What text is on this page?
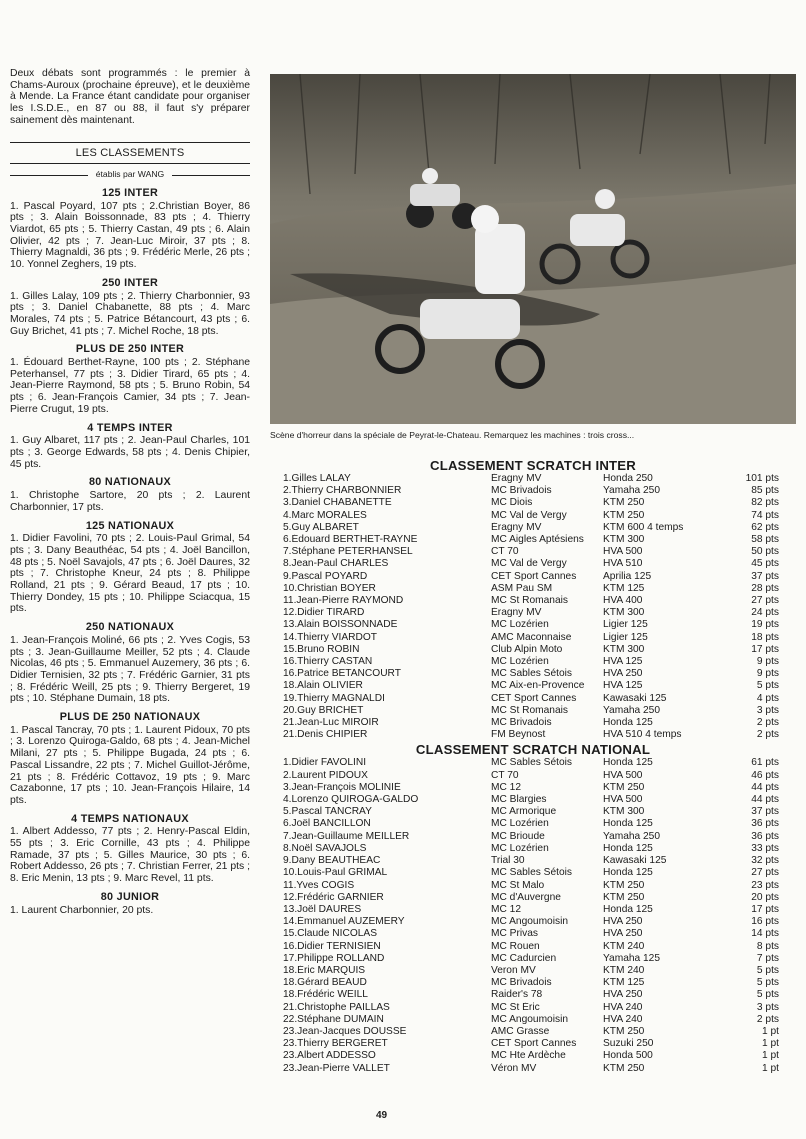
Deux débats sont programmés : le premier à Chams-Auroux (prochaine épreuve), et le deuxième à Mende. La France étant candidate pour organiser les I.S.D.E., en 87 ou 88, il faut s'y préparer sainement dès maintenant.

LES CLASSEMENTS
établis par WANG
125 INTER

1. Pascal Poyard, 107 pts ; 2.Christian Boyer, 86 pts ; 3. Alain Boissonnade, 83 pts ; 4. Thierry Viardot, 65 pts ; 5. Thierry Castan, 49 pts ; 6. Alain Olivier, 42 pts ; 7. Jean-Luc Miroir, 37 pts ; 8. Thierry Magnaldi, 36 pts ; 9. Frédéric Merle, 26 pts ; 10. Yonnel Zeghers, 19 pts.

250 INTER

1. Gilles Lalay, 109 pts ; 2. Thierry Charbonnier, 93 pts ; 3. Daniel Chabanette, 88 pts ; 4. Marc Morales, 74 pts ; 5. Patrice Bétancourt, 43 pts ; 6. Guy Brichet, 41 pts ; 7. Michel Roche, 18 pts.

PLUS DE 250 INTER

1. Édouard Berthet-Rayne, 100 pts ; 2. Stéphane Peterhansel, 77 pts ; 3. Didier Tirard, 65 pts ; 4. Jean-Pierre Raymond, 58 pts ; 5. Bruno Robin, 54 pts ; 6. Jean-François Camier, 34 pts ; 7. Jean-Pierre Crugut, 19 pts.

4 TEMPS INTER

1. Guy Albaret, 117 pts ; 2. Jean-Paul Charles, 101 pts ; 3. George Edwards, 58 pts ; 4. Denis Chipier, 45 pts.

80 NATIONAUX

1. Christophe Sartore, 20 pts ; 2. Laurent Charbonnier, 17 pts.

125 NATIONAUX

1. Didier Favolini, 70 pts ; 2. Louis-Paul Grimal, 54 pts ; 3. Dany Beauthéac, 54 pts ; 4. Joël Bancillon, 48 pts ; 5. Noël Savajols, 47 pts ; 6. Joël Daures, 32 pts ; 7. Christophe Kneur, 24 pts ; 8. Philippe Rolland, 21 pts ; 9. Gérard Beaud, 17 pts ; 10. Thierry Dondey, 15 pts ; 10. Philippe Sciacqua, 15 pts.

250 NATIONAUX

1. Jean-François Moliné, 66 pts ; 2. Yves Cogis, 53 pts ; 3. Jean-Guillaume Meiller, 52 pts ; 4. Claude Nicolas, 46 pts ; 5. Emmanuel Auzemery, 36 pts ; 6. Didier Ternisien, 32 pts ; 7. Frédéric Garnier, 31 pts ; 8. Frédéric Weill, 25 pts ; 9. Thierry Bergeret, 19 pts ; 10. Stéphane Dumain, 18 pts.

PLUS DE 250 NATIONAUX

1. Pascal Tancray, 70 pts ; 1. Laurent Pidoux, 70 pts ; 3. Lorenzo Quiroga-Galdo, 68 pts ; 4. Jean-Michel Milani, 27 pts ; 5. Philippe Bugada, 24 pts ; 6. Pascal Lissandre, 22 pts ; 7. Michel Guillot-Jérôme, 21 pts ; 8. Frédéric Cottavoz, 19 pts ; 9. Marc Cazabonne, 17 pts ; 10. Jean-François Hilaire, 14 pts.

4 TEMPS NATIONAUX

1. Albert Addesso, 77 pts ; 2. Henry-Pascal Eldin, 55 pts ; 3. Eric Cornille, 43 pts ; 4. Philippe Ramade, 37 pts ; 5. Gilles Maurice, 30 pts ; 6. Robert Addesso, 26 pts ; 7. Christian Ferrer, 21 pts ; 8. Eric Menin, 13 pts ; 9. Marc Revel, 11 pts.

80 JUNIOR

1. Laurent Charbonnier, 20 pts.

Scène d'horreur dans la spéciale de Peyrat-le-Chateau. Remarquez les machines : trois cross...
CLASSEMENT SCRATCH INTER
1.Gilles LALAY	Éragny MV	Honda 250	101 pts
2.Thierry CHARBONNIER	MC Brivadois	Yamaha 250	85 pts
3.Daniel CHABANETTE	MC Diois	KTM 250	82 pts
4.Marc MORALES	MC Val de Vergy	KTM 250	74 pts
5.Guy ALBARET	Éragny MV	KTM 600 4 temps	62 pts
6.Édouard BERTHET-RAYNE	MC Aigles Aptésiens	KTM 300	58 pts
7.Stéphane PETERHANSEL	CT 70	HVA 500	50 pts
8.Jean-Paul CHARLES	MC Val de Vergy	HVA 510	45 pts
9.Pascal POYARD	CET Sport Cannes	Aprilia 125	37 pts
10.Christian BOYER	ASM Pau SM	KTM 125	28 pts
11.Jean-Pierre RAYMOND	MC St Romanais	HVA 400	27 pts
12.Didier TIRARD	Éragny MV	KTM 300	24 pts
13.Alain BOISSONNADE	MC Lozérien	Ligier 125	19 pts
14.Thierry VIARDOT	AMC Maconnaise	Ligier 125	18 pts
15.Bruno ROBIN	Club Alpin Moto	KTM 300	17 pts
16.Thierry CASTAN	MC Lozérien	HVA 125	9 pts
16.Patrice BETANCOURT	MC Sables Sétois	HVA 250	9 pts
18.Alain OLIVIER	MC Aix-en-Provence	HVA 125	5 pts
19.Thierry MAGNALDI	CET Sport Cannes	Kawasaki 125	4 pts
20.Guy BRICHET	MC St Romanais	Yamaha 250	3 pts
21.Jean-Luc MIROIR	MC Brivadois	Honda 125	2 pts
21.Denis CHIPIER	FM Beynost	HVA 510 4 temps	2 pts
CLASSEMENT SCRATCH NATIONAL
1.Didier FAVOLINI	MC Sables Sétois	Honda 125	61 pts
2.Laurent PIDOUX	CT 70	HVA 500	46 pts
3.Jean-François MOLINIÉ	MC 12	KTM 250	44 pts
4.Lorenzo QUIROGA-GALDO	MC Blargies	HVA 500	44 pts
5.Pascal TANCRAY	MC Armorique	KTM 300	37 pts
6.Joël BANCILLON	MC Lozérien	Honda 125	36 pts
7.Jean-Guillaume MEILLER	MC Brioude	Yamaha 250	36 pts
8.Noël SAVAJOLS	MC Lozérien	Honda 125	33 pts
9.Dany BEAUTHÉAC	Trial 30	Kawasaki 125	32 pts
10.Louis-Paul GRIMAL	MC Sables Sétois	Honda 125	27 pts
11.Yves COGIS	MC St Malo	KTM 250	23 pts
12.Frédéric GARNIER	MC d'Auvergne	KTM 250	20 pts
13.Joël DAURES	MC 12	Honda 125	17 pts
14.Émmanuel AUZEMERY	MC Angoumoisin	HVA 250	16 pts
15.Claude NICOLAS	MC Privas	HVA 250	14 pts
16.Didier TERNISIEN	MC Rouen	KTM 240	8 pts
17.Philippe ROLLAND	MC Cadurcien	Yamaha 125	7 pts
18.Éric MARQUIS	Veron MV	KTM 240	5 pts
18.Gérard BEAUD	MC Brivadois	KTM 125	5 pts
18.Frédéric WEILL	Raider's 78	HVA 250	5 pts
21.Christophe PAILLAS	MC St Éric	HVA 240	3 pts
22.Stéphane DUMAIN	MC Angoumoisin	HVA 240	2 pts
23.Jean-Jacques DOUSSE	AMC Grasse	KTM 250	1 pt
23.Thierry BERGERET	CET Sport Cannes	Suzuki 250	1 pt
23.Albert ADDESSO	MC Hte Ardèche	Honda 500	1 pt
23.Jean-Pierre VALLET	Véron MV	KTM 250	1 pt
49
